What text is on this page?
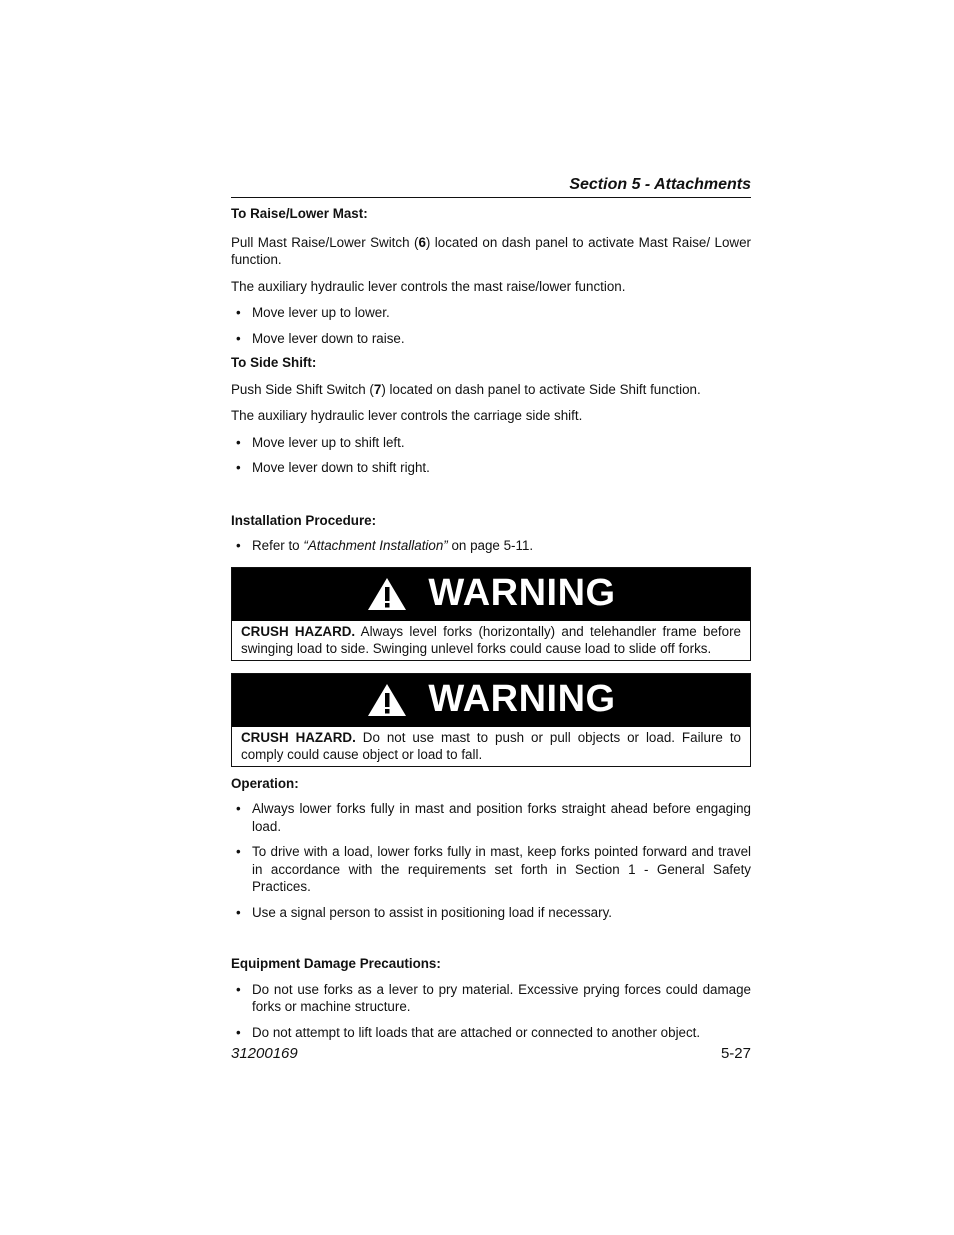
Section 5 - Attachments

To Raise/Lower Mast:

Pull Mast Raise/Lower Switch (6) located on dash panel to activate Mast Raise/ Lower function.

The auxiliary hydraulic lever controls the mast raise/lower function.

• Move lever up to lower.
• Move lever down to raise.

To Side Shift:

Push Side Shift Switch (7) located on dash panel to activate Side Shift function.

The auxiliary hydraulic lever controls the carriage side shift.

• Move lever up to shift left.
• Move lever down to shift right.

Installation Procedure:

• Refer to “Attachment Installation” on page 5-11.
WARNING
CRUSH HAZARD. Always level forks (horizontally) and telehandler frame before swinging load to side. Swinging unlevel forks could cause load to slide off forks.
WARNING
CRUSH HAZARD. Do not use mast to push or pull objects or load. Failure to comply could cause object or load to fall.

Operation:

• Always lower forks fully in mast and position forks straight ahead before engaging load.
• To drive with a load, lower forks fully in mast, keep forks pointed forward and travel in accordance with the requirements set forth in Section 1 - General Safety Practices.
• Use a signal person to assist in positioning load if necessary.

Equipment Damage Precautions:

• Do not use forks as a lever to pry material. Excessive prying forces could damage forks or machine structure.
• Do not attempt to lift loads that are attached or connected to another object.
31200169	5-27
